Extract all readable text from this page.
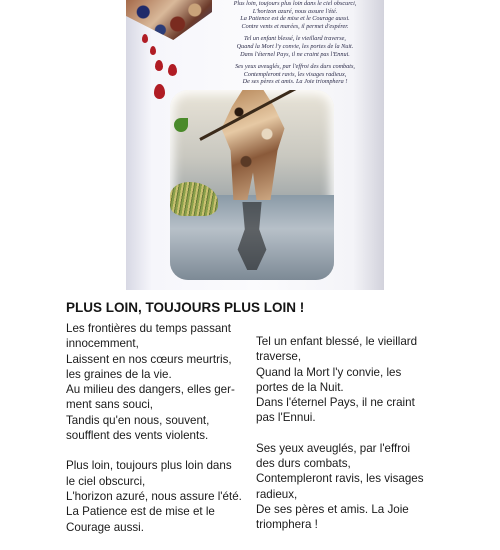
Plus loin, toujours plus loin dans le ciel obscurci,
L'horizon azuré, nous assure l'été.
La Patience est de mise et le Courage aussi.
Contre vents et marées, il permet d'espérer.
Tel un enfant blessé, le vieillard traverse,
Quand la Mort l'y convie, les portes de la Nuit.
Dans l'éternel Pays, il ne craint pas l'Ennui.
Ses yeux aveuglés, par l'effroi des durs combats,
Contempleront ravis, les visages radieux,
De ses pères et amis. La Joie triomphera !
PLUS LOIN, TOUJOURS PLUS LOIN !

Les frontières du temps passant
innocemment,
Laissent en nos cœurs meurtris,
les graines de la vie.
Au milieu des dangers, elles ger-
ment sans souci,
Tandis qu'en nous, souvent,
soufflent des vents violents.

Plus loin, toujours plus loin dans
le ciel obscurci,
L'horizon azuré, nous assure l'été.
La Patience est de mise et le
Courage aussi.

Tel un enfant blessé, le vieillard
traverse,
Quand la Mort l'y convie, les
portes de la Nuit.
Dans l'éternel Pays, il ne craint
pas l'Ennui.

Ses yeux aveuglés, par l'effroi
des durs combats,
Contempleront ravis, les visages
radieux,
De ses pères et amis. La Joie
triomphera !
